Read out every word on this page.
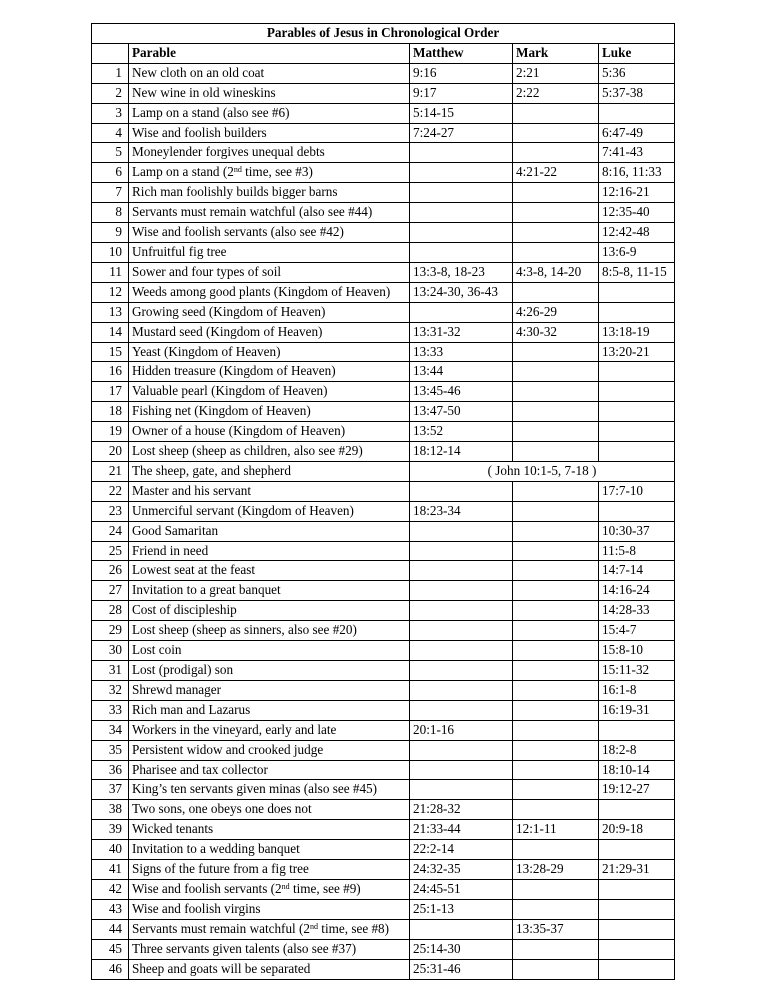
Parables of Jesus in Chronological Order				
	Parable	Matthew	Mark	Luke
1	New cloth on an old coat	9:16	2:21	5:36
2	New wine in old wineskins	9:17	2:22	5:37-38
3	Lamp on a stand (also see #6)	5:14-15		
4	Wise and foolish builders	7:24-27		6:47-49
5	Moneylender forgives unequal debts			7:41-43
6	Lamp on a stand (2nd time, see #3)		4:21-22	8:16, 11:33
7	Rich man foolishly builds bigger barns			12:16-21
8	Servants must remain watchful (also see #44)			12:35-40
9	Wise and foolish servants (also see #42)			12:42-48
10	Unfruitful fig tree			13:6-9
11	Sower and four types of soil	13:3-8, 18-23	4:3-8, 14-20	8:5-8, 11-15
12	Weeds among good plants (Kingdom of Heaven)	13:24-30, 36-43		
13	Growing seed (Kingdom of Heaven)		4:26-29	
14	Mustard seed (Kingdom of Heaven)	13:31-32	4:30-32	13:18-19
15	Yeast (Kingdom of Heaven)	13:33		13:20-21
16	Hidden treasure (Kingdom of Heaven)	13:44		
17	Valuable pearl (Kingdom of Heaven)	13:45-46		
18	Fishing net (Kingdom of Heaven)	13:47-50		
19	Owner of a house (Kingdom of Heaven)	13:52		
20	Lost sheep (sheep as children, also see #29)	18:12-14		
21	The sheep, gate, and shepherd	( John 10:1-5, 7-18 )		
22	Master and his servant			17:7-10
23	Unmerciful servant (Kingdom of Heaven)	18:23-34		
24	Good Samaritan			10:30-37
25	Friend in need			11:5-8
26	Lowest seat at the feast			14:7-14
27	Invitation to a great banquet			14:16-24
28	Cost of discipleship			14:28-33
29	Lost sheep (sheep as sinners, also see #20)			15:4-7
30	Lost coin			15:8-10
31	Lost (prodigal) son			15:11-32
32	Shrewd manager			16:1-8
33	Rich man and Lazarus			16:19-31
34	Workers in the vineyard, early and late	20:1-16		
35	Persistent widow and crooked judge			18:2-8
36	Pharisee and tax collector			18:10-14
37	King’s ten servants given minas (also see #45)			19:12-27
38	Two sons, one obeys one does not	21:28-32		
39	Wicked tenants	21:33-44	12:1-11	20:9-18
40	Invitation to a wedding banquet	22:2-14		
41	Signs of the future from a fig tree	24:32-35	13:28-29	21:29-31
42	Wise and foolish servants (2nd time, see #9)	24:45-51		
43	Wise and foolish virgins	25:1-13		
44	Servants must remain watchful (2nd time, see #8)		13:35-37	
45	Three servants given talents (also see #37)	25:14-30		
46	Sheep and goats will be separated	25:31-46		
